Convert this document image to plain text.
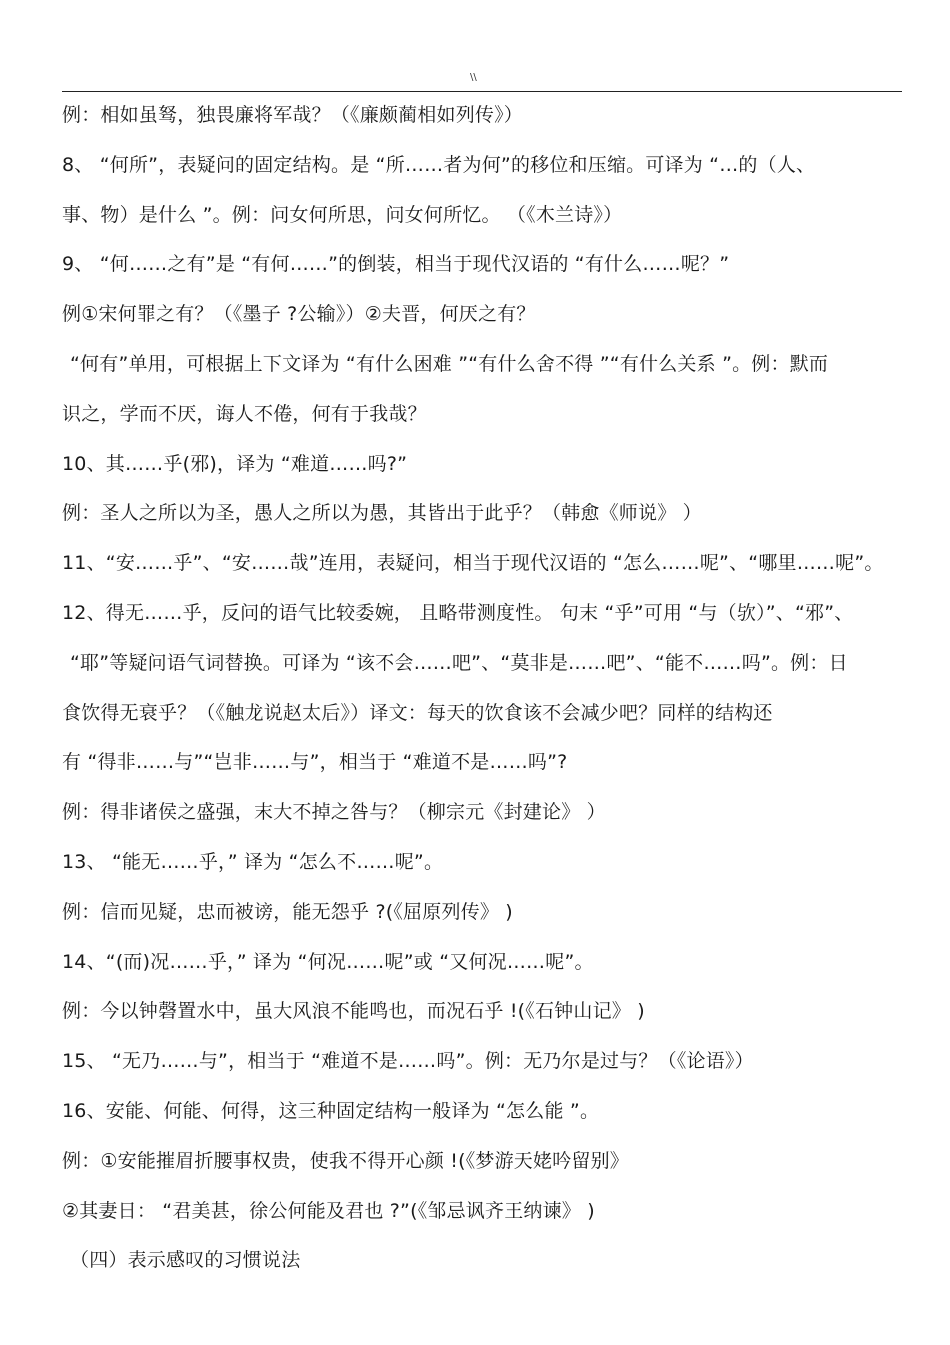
\\
例：相如虽驽，独畏廉将军哉？（《廉颇蔺相如列传》）
8、 “何所”，表疑问的固定结构。是 “所……者为何”的移位和压缩。可译为 “…的（人、
事、物）是什么 ”。例：问女何所思，问女何所忆。 （《木兰诗》）
9、 “何……之有”是 “有何……”的倒装，相当于现代汉语的 “有什么……呢？”
例①宋何罪之有？（《墨子 ?公输》）②夫晋，何厌之有？
“何有”单用，可根据上下文译为 “有什么困难 ”“有什么舍不得 ”“有什么关系 ”。例：默而
识之，学而不厌，诲人不倦，何有于我哉？
10、其……乎(邪)，译为 “难道……吗?”
例：圣人之所以为圣，愚人之所以为愚，其皆出于此乎？（韩愈《师说》 ）
11、“安……乎”、“安……哉”连用，表疑问，相当于现代汉语的 “怎么……呢”、“哪里……呢”。
12、得无……乎，反问的语气比较委婉， 且略带测度性。 句末 “乎”可用 “与（欤）”、“邪”、
“耶”等疑问语气词替换。可译为 “该不会……吧”、“莫非是……吧”、“能不……吗”。例：日
食饮得无衰乎？（《触龙说赵太后》）译文：每天的饮食该不会减少吧？同样的结构还
有 “得非……与”“岂非……与”，相当于 “难道不是……吗”?
例：得非诸侯之盛强，末大不掉之咎与？（柳宗元《封建论》 ）
13、 “能无……乎，” 译为 “怎么不……呢”。
例：信而见疑，忠而被谤，能无怨乎 ?(《屈原列传》 )
14、“(而)况……乎，” 译为 “何况……呢”或 “又何况……呢”。
例：今以钟磬置水中，虽大风浪不能鸣也，而况石乎 !(《石钟山记》 )
15、 “无乃……与”，相当于 “难道不是……吗”。例：无乃尔是过与？（《论语》）
16、安能、何能、何得，这三种固定结构一般译为 “怎么能 ”。
例：①安能摧眉折腰事权贵，使我不得开心颜 !(《梦游天姥吟留别》
②其妻日： “君美甚，徐公何能及君也 ?”(《邹忌讽齐王纳谏》 )
（四）表示感叹的习惯说法
